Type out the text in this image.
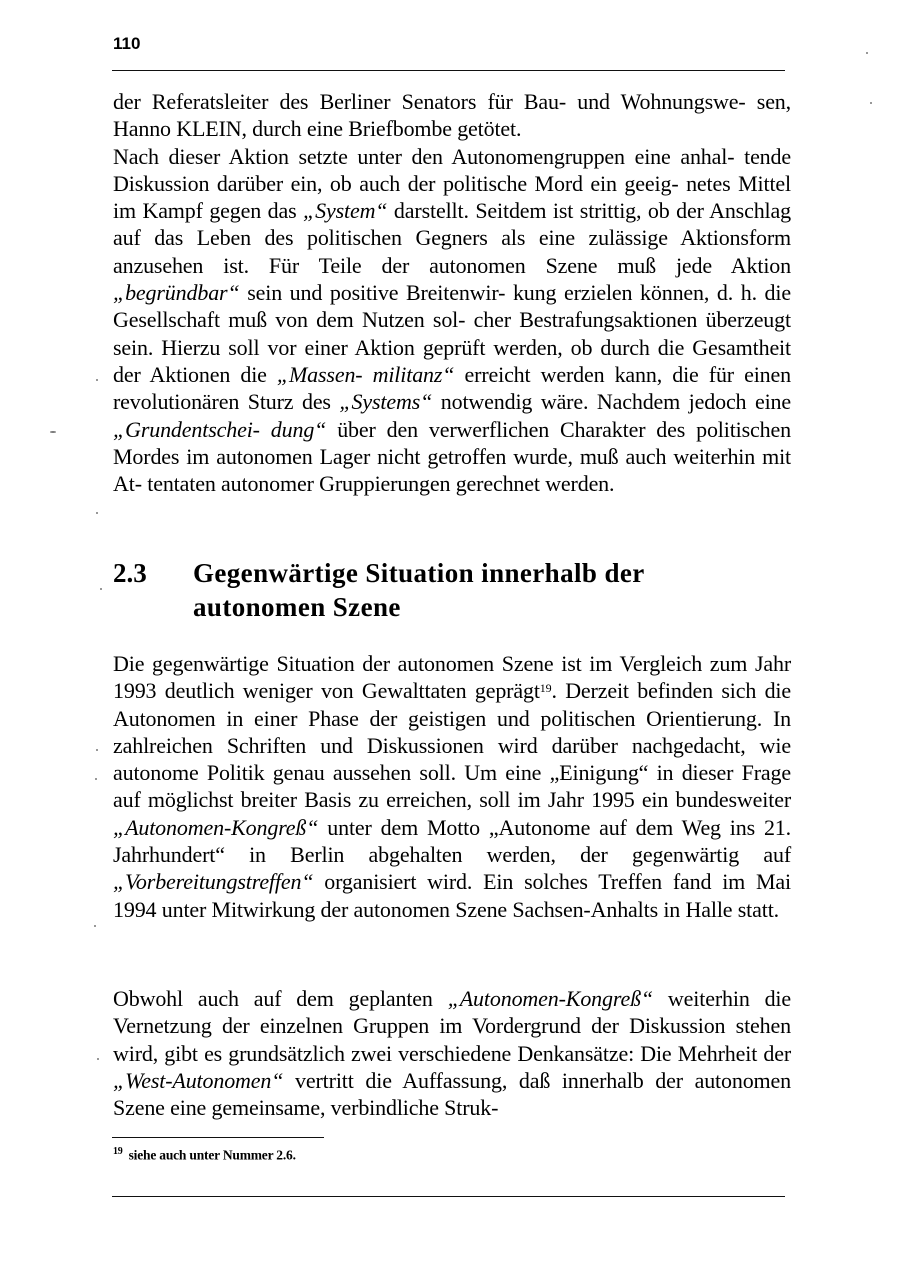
110
der Referatsleiter des Berliner Senators für Bau- und Wohnungswe- sen, Hanno KLEIN, durch eine Briefbombe getötet.
Nach dieser Aktion setzte unter den Autonomengruppen eine anhal- tende Diskussion darüber ein, ob auch der politische Mord ein geeig- netes Mittel im Kampf gegen das „System“ darstellt. Seitdem ist strittig, ob der Anschlag auf das Leben des politischen Gegners als eine zulässige Aktionsform anzusehen ist. Für Teile der autonomen Szene muß jede Aktion „begründbar“ sein und positive Breitenwir- kung erzielen können, d. h. die Gesellschaft muß von dem Nutzen sol- cher Bestrafungsaktionen überzeugt sein. Hierzu soll vor einer Aktion geprüft werden, ob durch die Gesamtheit der Aktionen die „Massen- militanz“ erreicht werden kann, die für einen revolutionären Sturz des „Systems“ notwendig wäre. Nachdem jedoch eine „Grundentschei- dung“ über den verwerflichen Charakter des politischen Mordes im autonomen Lager nicht getroffen wurde, muß auch weiterhin mit At- tentaten autonomer Gruppierungen gerechnet werden.
2.3 Gegenwärtige Situation innerhalb der
autonomen Szene
Die gegenwärtige Situation der autonomen Szene ist im Vergleich zum Jahr 1993 deutlich weniger von Gewalttaten geprägt$^{19}$. Derzeit befinden sich die Autonomen in einer Phase der geistigen und politischen Orientierung. In zahlreichen Schriften und Diskussionen wird darüber nachgedacht, wie autonome Politik genau aussehen soll. Um eine „Einigung“ in dieser Frage auf möglichst breiter Basis zu erreichen, soll im Jahr 1995 ein bundesweiter „Autonomen-Kongreß“ unter dem Motto „Autonome auf dem Weg ins 21. Jahrhundert“ in Berlin abgehalten werden, der gegenwärtig auf „Vorbereitungstreffen“ organisiert wird. Ein solches Treffen fand im Mai 1994 unter Mitwirkung der autonomen Szene Sachsen-Anhalts in Halle statt.
Obwohl auch auf dem geplanten „Autonomen-Kongreß“ weiterhin die Vernetzung der einzelnen Gruppen im Vordergrund der Diskussion stehen wird, gibt es grundsätzlich zwei verschiedene Denkansätze: Die Mehrheit der „West-Autonomen“ vertritt die Auffassung, daß innerhalb der autonomen Szene eine gemeinsame, verbindliche Struk-
$^{19}$ siehe auch unter Nummer 2.6.
